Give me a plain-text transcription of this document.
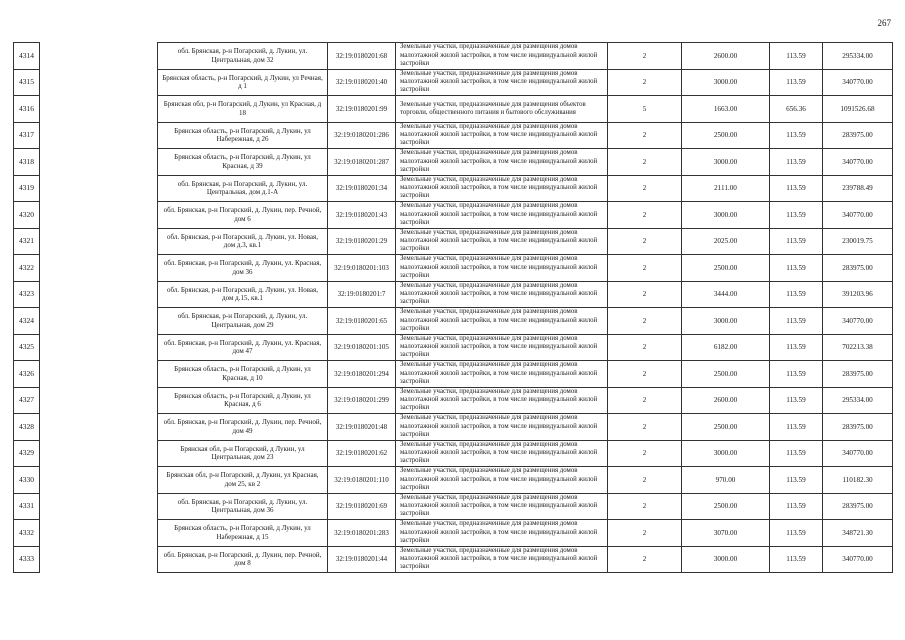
267
4314		обл. Брянская, р-н Погарский, д. Лукин, ул. Центральная, дом 32	32:19:0180201:68	Земельные участки, предназначенные для размещения домов малоэтажной жилой застройки, в том числе индивидуальной жилой застройки	2	2600.00	113.59	295334.00
4315		Брянская область, р-н Погарский, д Лукин, ул Речная, д 1	32:19:0180201:40	Земельные участки, предназначенные для размещения домов малоэтажной жилой застройки, в том числе индивидуальной жилой застройки	2	3000.00	113.59	340770.00
4316		Брянская обл, р-н Погарский, д Лукин, ул Красная, д 18	32:19:0180201:99	Земельные участки, предназначенные для размещения объектов торговли, общественного питания и бытового обслуживания	5	1663.00	656.36	1091526.68
4317		Брянская область, р-н Погарский, д Лукин, ул Набережная, д 26	32:19:0180201:286	Земельные участки, предназначенные для размещения домов малоэтажной жилой застройки, в том числе индивидуальной жилой застройки	2	2500.00	113.59	283975.00
4318		Брянская область, р-н Погарский, д Лукин, ул Красная, д 39	32:19:0180201:287	Земельные участки, предназначенные для размещения домов малоэтажной жилой застройки, в том числе индивидуальной жилой застройки	2	3000.00	113.59	340770.00
4319		обл. Брянская, р-н Погарский, д. Лукин, ул. Центральная, дом д.1-А	32:19:0180201:34	Земельные участки, предназначенные для размещения домов малоэтажной жилой застройки, в том числе индивидуальной жилой застройки	2	2111.00	113.59	239788.49
4320		обл. Брянская, р-н Погарский, д. Лукин, пер. Речной, дом 6	32:19:0180201:43	Земельные участки, предназначенные для размещения домов малоэтажной жилой застройки, в том числе индивидуальной жилой застройки	2	3000.00	113.59	340770.00
4321		обл. Брянская, р-н Погарский, д. Лукин, ул. Новая, дом д.3, кв.1	32:19:0180201:29	Земельные участки, предназначенные для размещения домов малоэтажной жилой застройки, в том числе индивидуальной жилой застройки	2	2025.00	113.59	230019.75
4322		обл. Брянская, р-н Погарский, д. Лукин, ул. Красная, дом 36	32:19:0180201:103	Земельные участки, предназначенные для размещения домов малоэтажной жилой застройки, в том числе индивидуальной жилой застройки	2	2500.00	113.59	283975.00
4323		обл. Брянская, р-н Погарский, д. Лукин, ул. Новая, дом д.15, кв.1	32:19:0180201:7	Земельные участки, предназначенные для размещения домов малоэтажной жилой застройки, в том числе индивидуальной жилой застройки	2	3444.00	113.59	391203.96
4324		обл. Брянская, р-н Погарский, д. Лукин, ул. Центральная, дом 29	32:19:0180201:65	Земельные участки, предназначенные для размещения домов малоэтажной жилой застройки, в том числе индивидуальной жилой застройки	2	3000.00	113.59	340770.00
4325		обл. Брянская, р-н Погарский, д. Лукин, ул. Красная, дом 47	32:19:0180201:105	Земельные участки, предназначенные для размещения домов малоэтажной жилой застройки, в том числе индивидуальной жилой застройки	2	6182.00	113.59	702213.38
4326		Брянская область, р-н Погарский, д Лукин, ул Красная, д 10	32:19:0180201:294	Земельные участки, предназначенные для размещения домов малоэтажной жилой застройки, в том числе индивидуальной жилой застройки	2	2500.00	113.59	283975.00
4327		Брянская область, р-н Погарский, д Лукин, ул Красная, д 6	32:19:0180201:299	Земельные участки, предназначенные для размещения домов малоэтажной жилой застройки, в том числе индивидуальной жилой застройки	2	2600.00	113.59	295334.00
4328		обл. Брянская, р-н Погарский, д. Лукин, пер. Речной, дом 49	32:19:0180201:48	Земельные участки, предназначенные для размещения домов малоэтажной жилой застройки, в том числе индивидуальной жилой застройки	2	2500.00	113.59	283975.00
4329		Брянская обл, р-н Погарский, д Лукин, ул Центральная, дом 23	32:19:0180201:62	Земельные участки, предназначенные для размещения домов малоэтажной жилой застройки, в том числе индивидуальной жилой застройки	2	3000.00	113.59	340770.00
4330		Брянская обл, р-н Погарский, д Лукин, ул Красная, дом 25, кв 2	32:19:0180201:110	Земельные участки, предназначенные для размещения домов малоэтажной жилой застройки, в том числе индивидуальной жилой застройки	2	970.00	113.59	110182.30
4331		обл. Брянская, р-н Погарский, д. Лукин, ул. Центральная, дом 36	32:19:0180201:69	Земельные участки, предназначенные для размещения домов малоэтажной жилой застройки, в том числе индивидуальной жилой застройки	2	2500.00	113.59	283975.00
4332		Брянская область, р-н Погарский, д Лукин, ул Набережная, д 15	32:19:0180201:283	Земельные участки, предназначенные для размещения домов малоэтажной жилой застройки, в том числе индивидуальной жилой застройки	2	3070.00	113.59	348721.30
4333		обл. Брянская, р-н Погарский, д. Лукин, пер. Речной, дом 8	32:19:0180201:44	Земельные участки, предназначенные для размещения домов малоэтажной жилой застройки, в том числе индивидуальной жилой застройки	2	3000.00	113.59	340770.00
